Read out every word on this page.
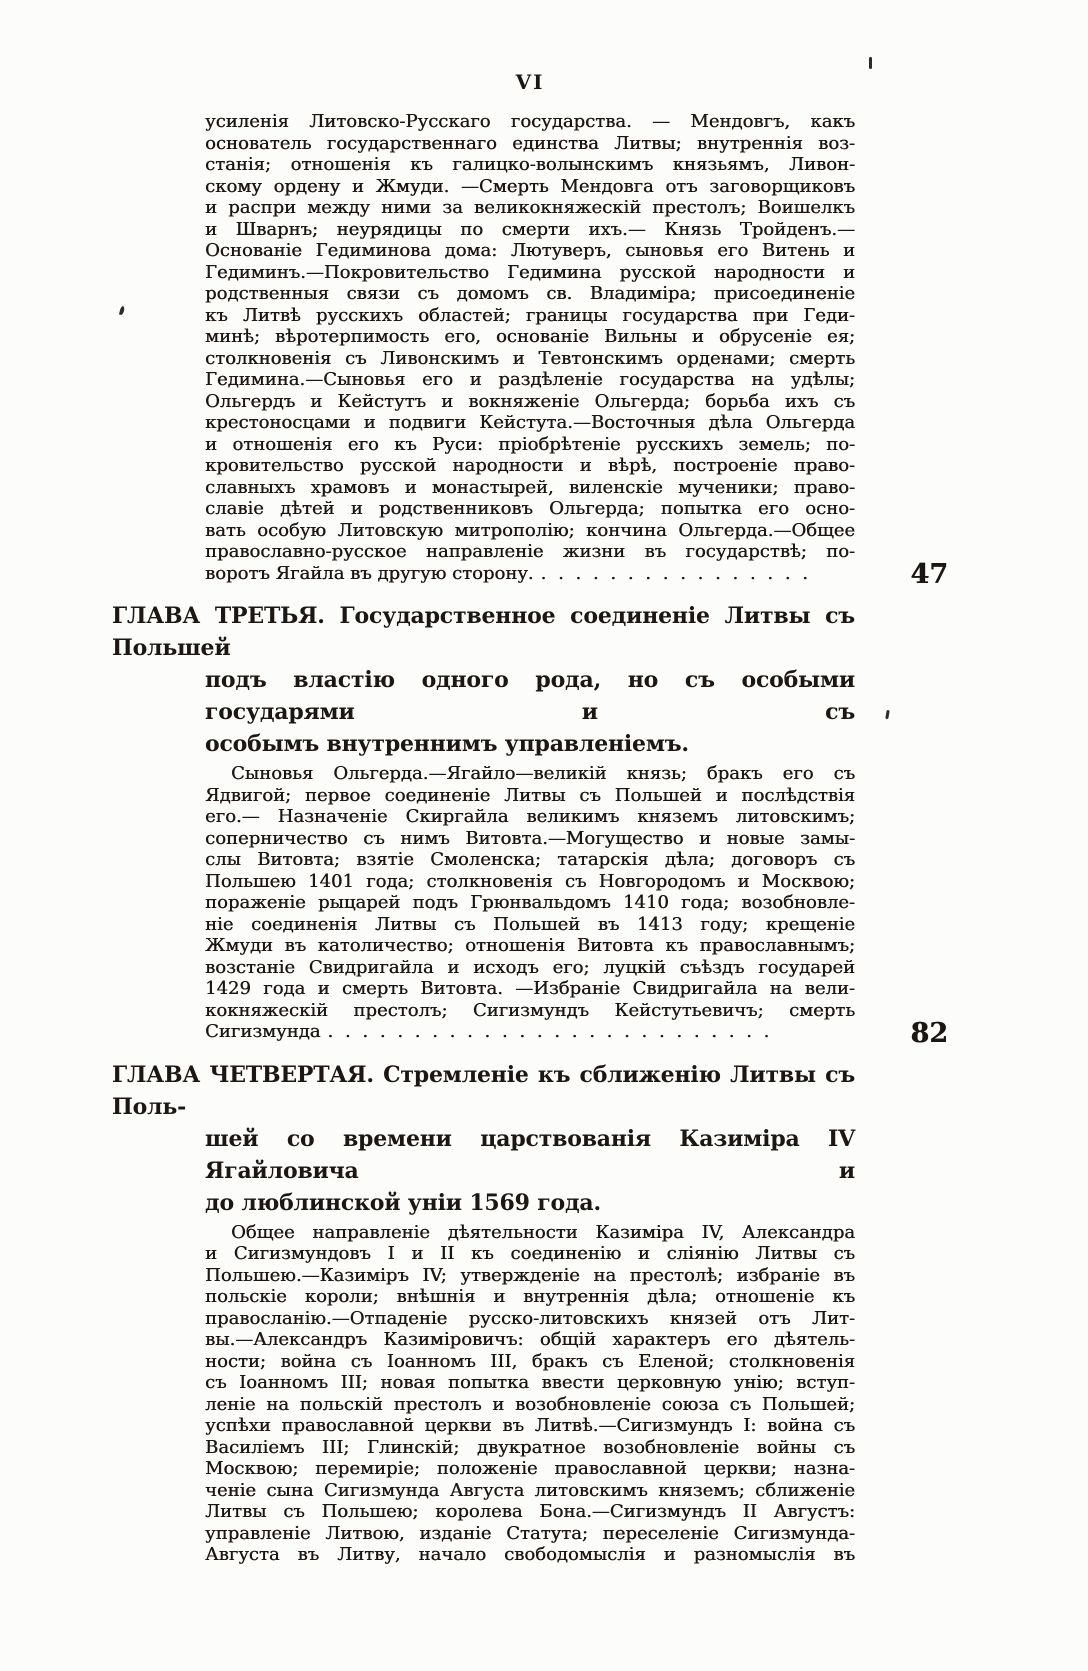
VI
усиленія Литовско-Русскаго государства. — Мендовгъ, какъ
основатель государственнаго единства Литвы; внутреннія воз-
станія; отношенія къ галицко-волынскимъ князьямъ, Ливон-
скому ордену и Жмуди. —Смерть Мендовга отъ заговорщиковъ
и распри между ними за великокняжескій престолъ; Воишелкъ
и Шварнъ; неурядицы по смерти ихъ.— Князь Тройденъ.—
Основаніе Гедиминова дома: Лютуверъ, сыновья его Витень и
Гедиминъ.—Покровительство Гедимина русской народности и
родственныя связи съ домомъ св. Владиміра; присоединеніе
къ Литвѣ русскихъ областей; границы государства при Геди-
минѣ; вѣротерпимость его, основаніе Вильны и обрусеніе ея;
столкновенія съ Ливонскимъ и Тевтонскимъ орденами; смерть
Гедимина.—Сыновья его и раздѣленіе государства на удѣлы;
Ольгердъ и Кейстутъ и вокняженіе Ольгерда; борьба ихъ съ
крестоносцами и подвиги Кейстута.—Восточныя дѣла Ольгерда
и отношенія его къ Руси: пріобрѣтеніе русскихъ земель; по-
кровительство русской народности и вѣрѣ, построеніе право-
славныхъ храмовъ и монастырей, виленскіе мученики; право-
славіе дѣтей и родственниковъ Ольгерда; попытка его осно-
вать особую Литовскую митрополію; кончина Ольгерда.—Общее
православно-русское направленіе жизни въ государствѣ; по-
воротъ Ягайла въ другую сторону. . . . . . . . . . . . . . . . .	47
ГЛАВА ТРЕТЬЯ. Государственное соединеніе Литвы съ Польшей
подъ властію одного рода, но съ особыми государями и съ
особымъ внутреннимъ управленіемъ.
Сыновья Ольгерда.—Ягайло—великій князь; бракъ его съ
Ядвигой; первое соединеніе Литвы съ Польшей и послѣдствія
его.— Назначеніе Скиргайла великимъ княземъ литовскимъ;
соперничество съ нимъ Витовта.—Могущество и новые замы-
слы Витовта; взятіе Смоленска; татарскія дѣла; договоръ съ
Польшею 1401 года; столкновенія съ Новгородомъ и Москвою;
пораженіе рыцарей подъ Грюнвальдомъ 1410 года; возобновле-
ніе соединенія Литвы съ Польшей въ 1413 году; крещеніе
Жмуди въ католичество; отношенія Витовта къ православнымъ;
возстаніе Свидригайла и исходъ его; луцкій съѣздъ государей
1429 года и смерть Витовта. —Избраніе Свидригайла на вели-
кокняжескій престолъ; Сигизмундъ Кейстутьевичъ; смерть
Сигизмунда . . . . . . . . . . . . . . . . . . . . . . . . . .	82
ГЛАВА ЧЕТВЕРТАЯ. Стремленіе къ сближенію Литвы съ Поль-
шей со времени царствованія Казиміра IV Ягайловича и
до люблинской уніи 1569 года.
Общее направленіе дѣятельности Казиміра IV, Александра
и Сигизмундовъ I и II къ соединенію и сліянію Литвы съ
Польшею.—Казиміръ IV; утвержденіе на престолѣ; избраніе въ
польскіе короли; внѣшнія и внутреннія дѣла; отношеніе къ
правосланію.—Отпаденіе русско-литовскихъ князей отъ Лит-
вы.—Александръ Казиміровичъ: общій характеръ его дѣятель-
ности; война съ Іоанномъ III, бракъ съ Еленой; столкновенія
съ Іоанномъ III; новая попытка ввести церковную унію; вступ-
леніе на польскій престолъ и возобновленіе союза съ Польшей;
успѣхи православной церкви въ Литвѣ.—Сигизмундъ I: война съ
Василіемъ III; Глинскій; двукратное возобновленіе войны съ
Москвою; перемиріе; положеніе православной церкви; назна-
ченіе сына Сигизмунда Августа литовскимъ княземъ; сближеніе
Литвы съ Польшею; королева Бона.—Сигизмундъ II Августъ:
управленіе Литвою, изданіе Статута; переселеніе Сигизмунда-
Августа въ Литву, начало свободомыслія и разномыслія въ
